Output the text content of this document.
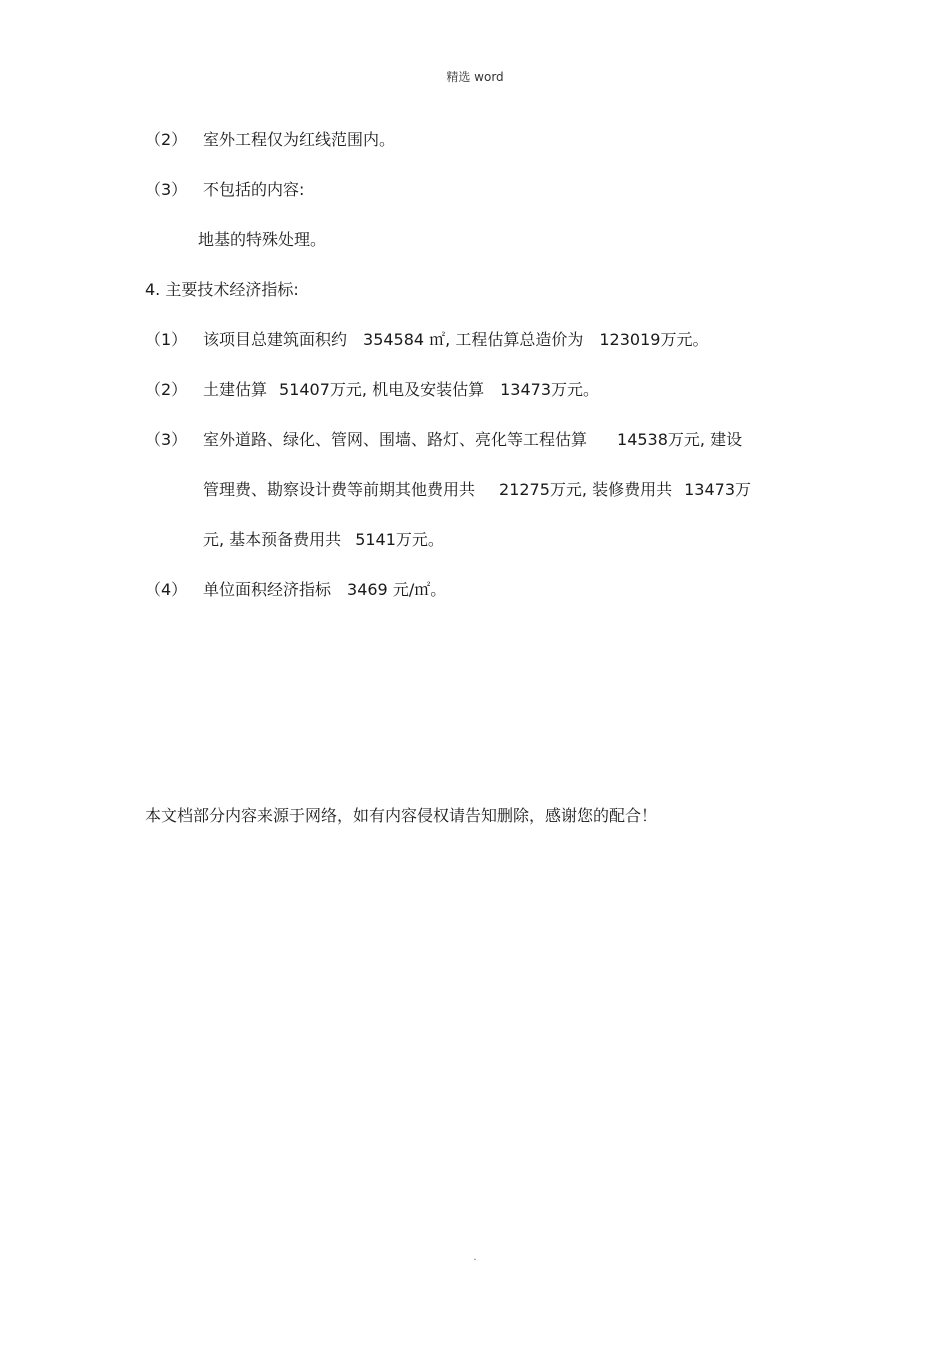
精选 word
（2） 室外工程仅为红线范围内。
（3） 不包括的内容:
地基的特殊处理。
4. 主要技术经济指标:
（1） 该项目总建筑面积约 354584 ㎡, 工程估算总造价为 123019万元。
（2） 土建估算 51407万元, 机电及安装估算 13473万元。
（3） 室外道路、绿化、管网、围墙、路灯、亮化等工程估算 14538万元, 建设
管理费、勘察设计费等前期其他费用共 21275万元, 装修费用共 13473万
元, 基本预备费用共 5141万元。
（4） 单位面积经济指标 3469 元/㎡。
本文档部分内容来源于网络，如有内容侵权请告知删除，感谢您的配合！
.
